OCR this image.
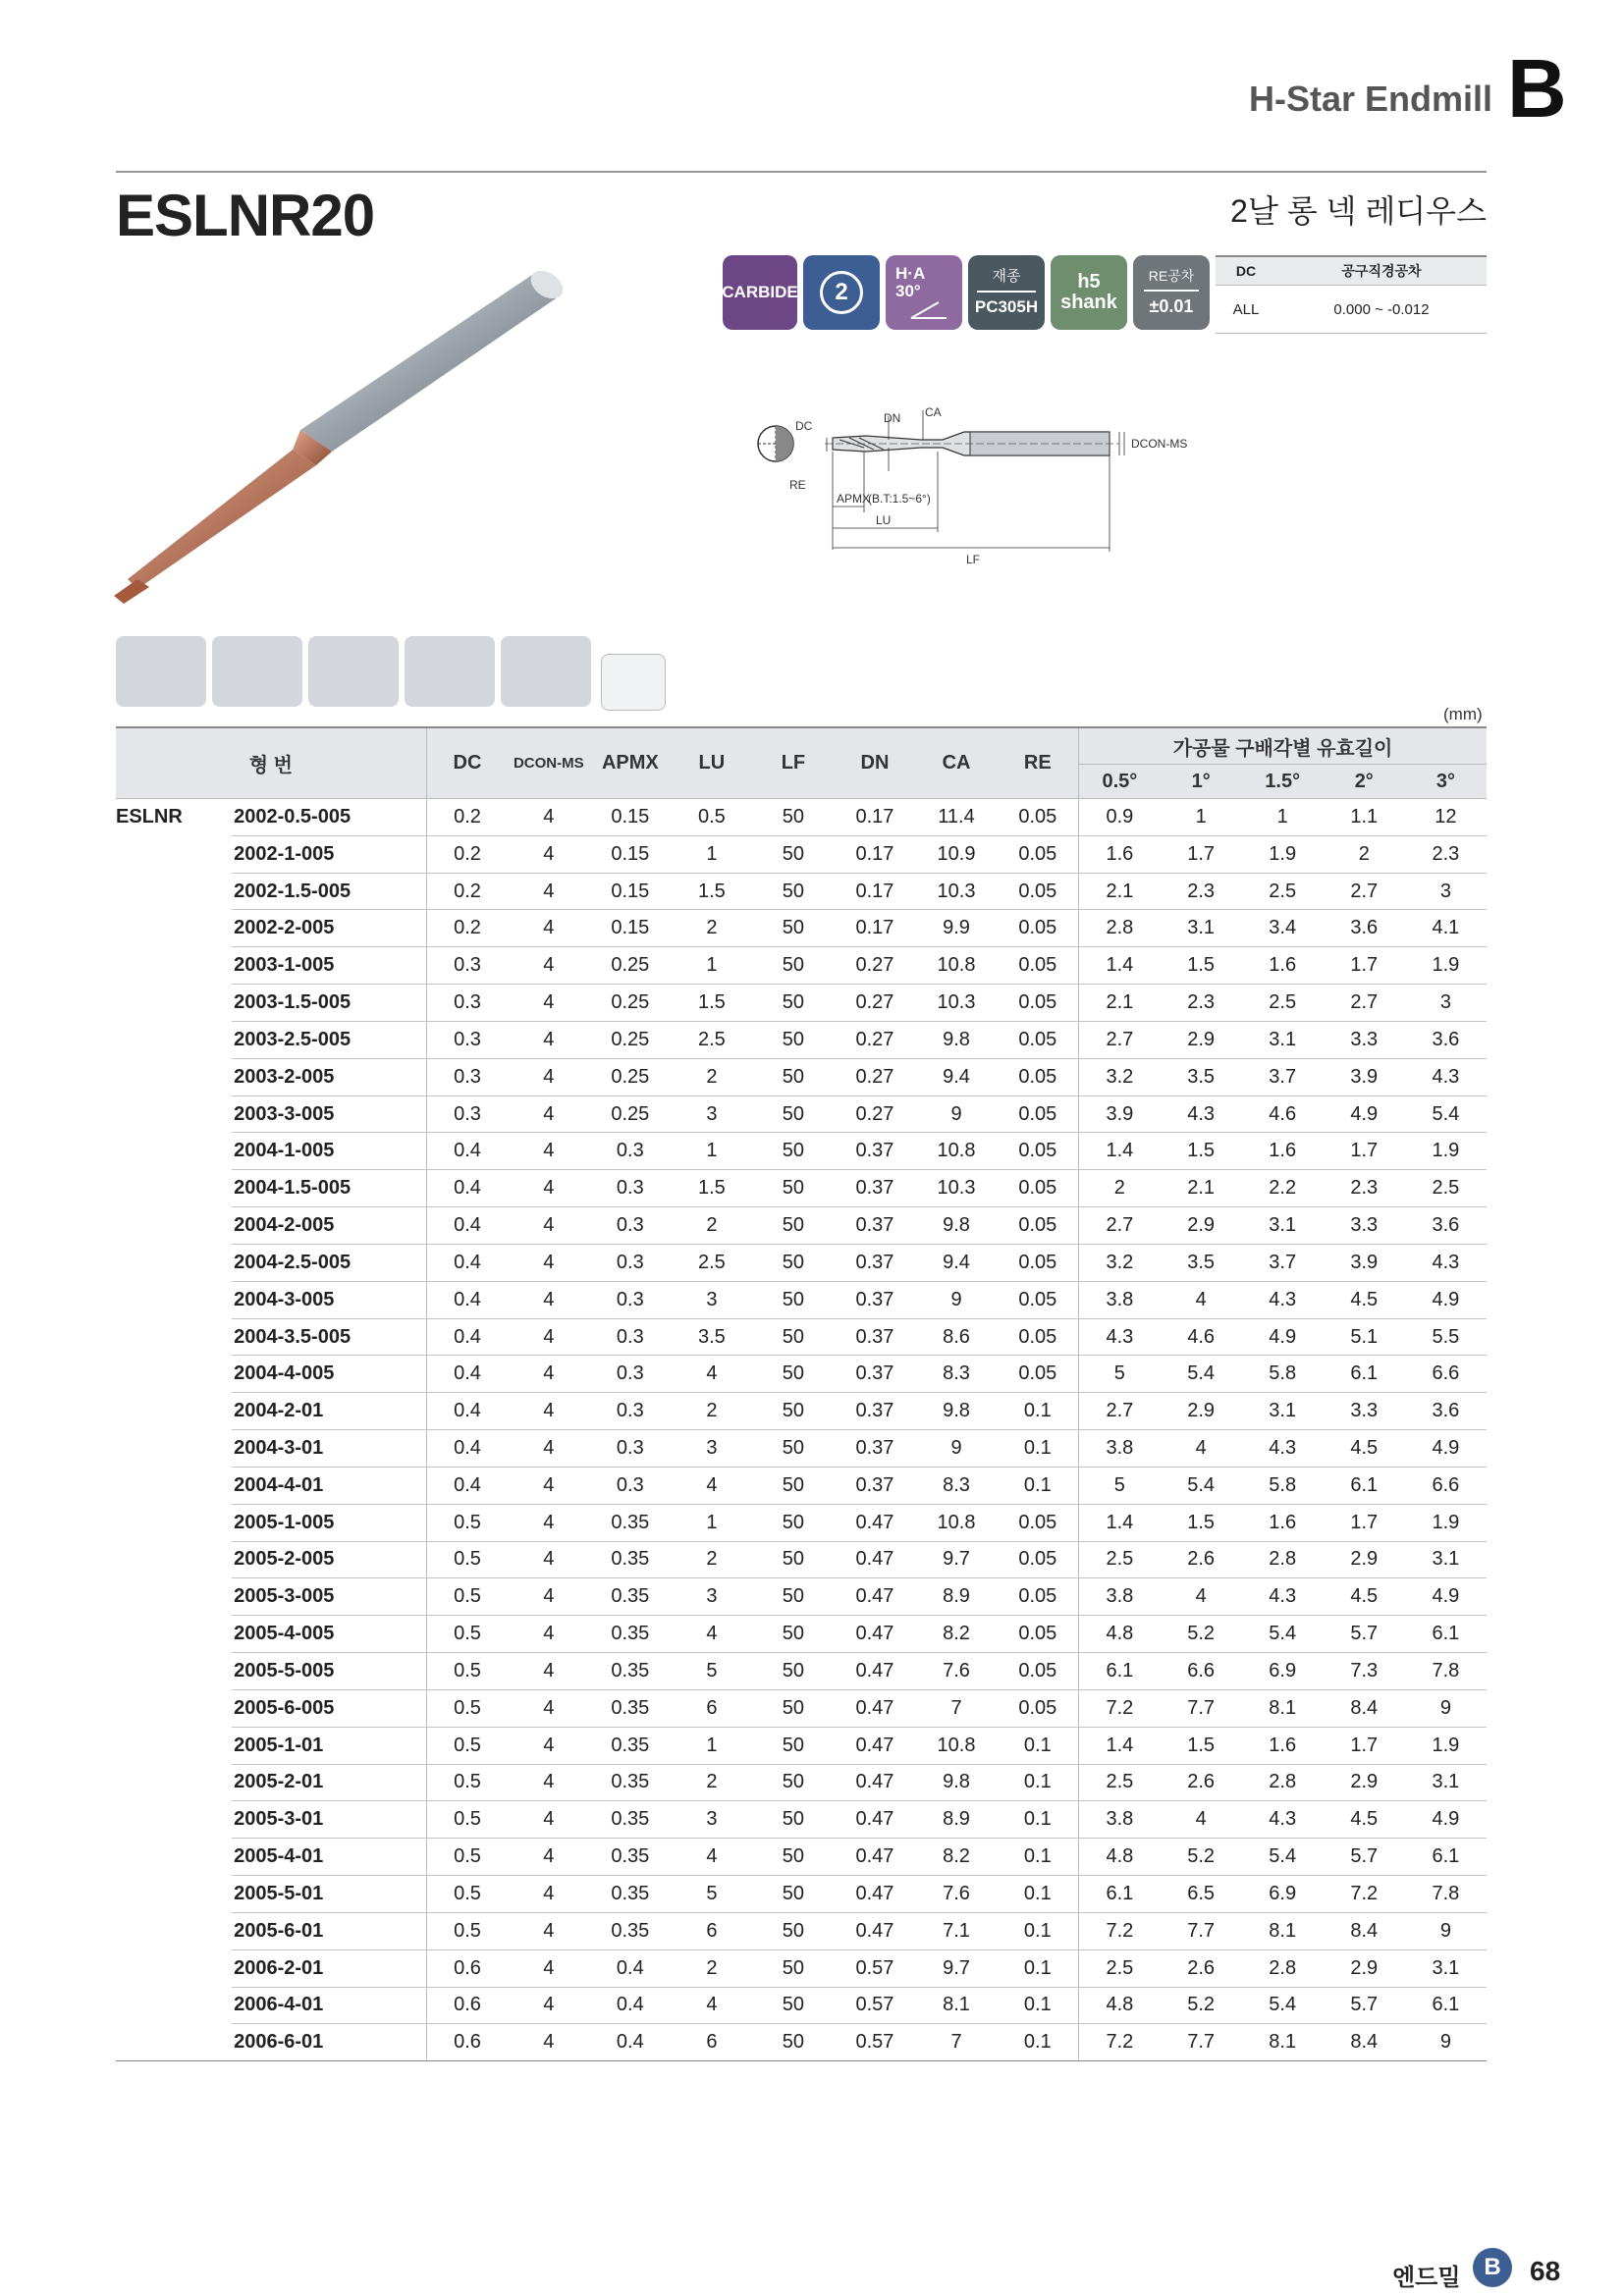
H-Star Endmill B
ESLNR20	2날 롱 넥 레디우스
CARBIDE	2
H·A
30°
재종
PC305H
h5
shank
RE공차
±0.01
DC	공구직경공차
ALL	0.000 ~ -0.012
DC
RE
DN CA
APMX
(B.T:1.5~6°)
LU
LF
DCON-MS
(mm)
형 번		DC	DCON-MS	APMX	LU	LF	DN	CA	RE	가공물 구배각별 유효길이				
										0.5°	1°	1.5°	2°	3°
ESLNR	2002-0.5-005	0.2	4	0.15	0.5	50	0.17	11.4	0.05	0.9	1	1	1.1	12
	2002-1-005	0.2	4	0.15	1	50	0.17	10.9	0.05	1.6	1.7	1.9	2	2.3
	2002-1.5-005	0.2	4	0.15	1.5	50	0.17	10.3	0.05	2.1	2.3	2.5	2.7	3
	2002-2-005	0.2	4	0.15	2	50	0.17	9.9	0.05	2.8	3.1	3.4	3.6	4.1
	2003-1-005	0.3	4	0.25	1	50	0.27	10.8	0.05	1.4	1.5	1.6	1.7	1.9
	2003-1.5-005	0.3	4	0.25	1.5	50	0.27	10.3	0.05	2.1	2.3	2.5	2.7	3
	2003-2.5-005	0.3	4	0.25	2.5	50	0.27	9.8	0.05	2.7	2.9	3.1	3.3	3.6
	2003-2-005	0.3	4	0.25	2	50	0.27	9.4	0.05	3.2	3.5	3.7	3.9	4.3
	2003-3-005	0.3	4	0.25	3	50	0.27	9	0.05	3.9	4.3	4.6	4.9	5.4
	2004-1-005	0.4	4	0.3	1	50	0.37	10.8	0.05	1.4	1.5	1.6	1.7	1.9
	2004-1.5-005	0.4	4	0.3	1.5	50	0.37	10.3	0.05	2	2.1	2.2	2.3	2.5
	2004-2-005	0.4	4	0.3	2	50	0.37	9.8	0.05	2.7	2.9	3.1	3.3	3.6
	2004-2.5-005	0.4	4	0.3	2.5	50	0.37	9.4	0.05	3.2	3.5	3.7	3.9	4.3
	2004-3-005	0.4	4	0.3	3	50	0.37	9	0.05	3.8	4	4.3	4.5	4.9
	2004-3.5-005	0.4	4	0.3	3.5	50	0.37	8.6	0.05	4.3	4.6	4.9	5.1	5.5
	2004-4-005	0.4	4	0.3	4	50	0.37	8.3	0.05	5	5.4	5.8	6.1	6.6
	2004-2-01	0.4	4	0.3	2	50	0.37	9.8	0.1	2.7	2.9	3.1	3.3	3.6
	2004-3-01	0.4	4	0.3	3	50	0.37	9	0.1	3.8	4	4.3	4.5	4.9
	2004-4-01	0.4	4	0.3	4	50	0.37	8.3	0.1	5	5.4	5.8	6.1	6.6
	2005-1-005	0.5	4	0.35	1	50	0.47	10.8	0.05	1.4	1.5	1.6	1.7	1.9
	2005-2-005	0.5	4	0.35	2	50	0.47	9.7	0.05	2.5	2.6	2.8	2.9	3.1
	2005-3-005	0.5	4	0.35	3	50	0.47	8.9	0.05	3.8	4	4.3	4.5	4.9
	2005-4-005	0.5	4	0.35	4	50	0.47	8.2	0.05	4.8	5.2	5.4	5.7	6.1
	2005-5-005	0.5	4	0.35	5	50	0.47	7.6	0.05	6.1	6.6	6.9	7.3	7.8
	2005-6-005	0.5	4	0.35	6	50	0.47	7	0.05	7.2	7.7	8.1	8.4	9
	2005-1-01	0.5	4	0.35	1	50	0.47	10.8	0.1	1.4	1.5	1.6	1.7	1.9
	2005-2-01	0.5	4	0.35	2	50	0.47	9.8	0.1	2.5	2.6	2.8	2.9	3.1
	2005-3-01	0.5	4	0.35	3	50	0.47	8.9	0.1	3.8	4	4.3	4.5	4.9
	2005-4-01	0.5	4	0.35	4	50	0.47	8.2	0.1	4.8	5.2	5.4	5.7	6.1
	2005-5-01	0.5	4	0.35	5	50	0.47	7.6	0.1	6.1	6.5	6.9	7.2	7.8
	2005-6-01	0.5	4	0.35	6	50	0.47	7.1	0.1	7.2	7.7	8.1	8.4	9
	2006-2-01	0.6	4	0.4	2	50	0.57	9.7	0.1	2.5	2.6	2.8	2.9	3.1
	2006-4-01	0.6	4	0.4	4	50	0.57	8.1	0.1	4.8	5.2	5.4	5.7	6.1
	2006-6-01	0.6	4	0.4	6	50	0.57	7	0.1	7.2	7.7	8.1	8.4	9
엔드밀 B	68
